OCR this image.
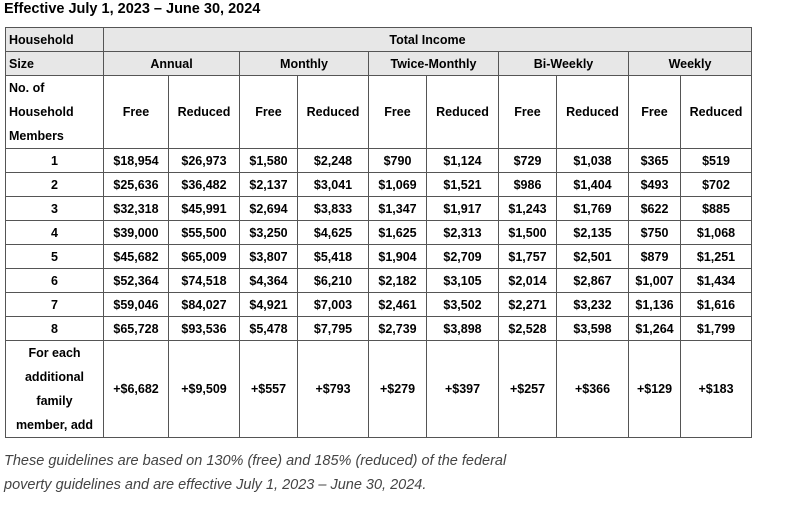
Effective July 1, 2023 – June 30, 2024
Household	Total Income									
Size	Annual		Monthly		Twice-Monthly		Bi-Weekly		Weekly	

No. of
Household
Members	Free	Reduced	Free	Reduced	Free	Reduced	Free	Reduced	Free	Reduced
1	$18,954	$26,973	$1,580	$2,248	$790	$1,124	$729	$1,038	$365	$519
2	$25,636	$36,482	$2,137	$3,041	$1,069	$1,521	$986	$1,404	$493	$702
3	$32,318	$45,991	$2,694	$3,833	$1,347	$1,917	$1,243	$1,769	$622	$885
4	$39,000	$55,500	$3,250	$4,625	$1,625	$2,313	$1,500	$2,135	$750	$1,068
5	$45,682	$65,009	$3,807	$5,418	$1,904	$2,709	$1,757	$2,501	$879	$1,251
6	$52,364	$74,518	$4,364	$6,210	$2,182	$3,105	$2,014	$2,867	$1,007	$1,434
7	$59,046	$84,027	$4,921	$7,003	$2,461	$3,502	$2,271	$3,232	$1,136	$1,616
8	$65,728	$93,536	$5,478	$7,795	$2,739	$3,898	$2,528	$3,598	$1,264	$1,799

For each
additional
family
member, add	+$6,682	+$9,509	+$557	+$793	+$279	+$397	+$257	+$366	+$129	+$183
These guidelines are based on 130% (free) and 185% (reduced) of the federal
poverty guidelines and are effective July 1, 2023 – June 30, 2024.
